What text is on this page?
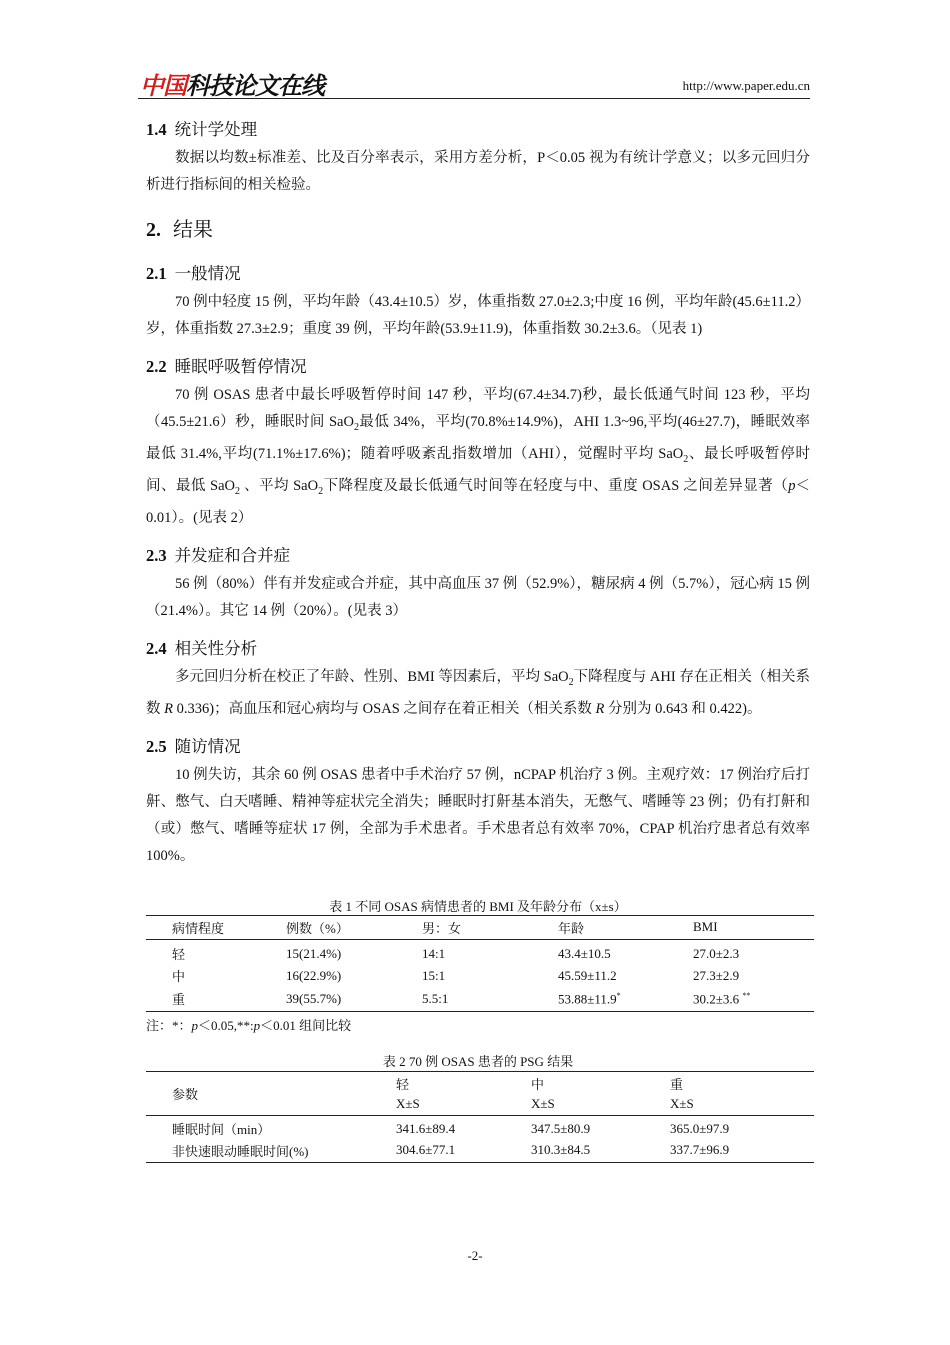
中国科技论文在线	http://www.paper.edu.cn
1.4 统计学处理

数据以均数±标准差、比及百分率表示，采用方差分析，P＜0.05 视为有统计学意义；以多元回归分析进行指标间的相关检验。

2. 结果
2.1 一般情况

70 例中轻度 15 例，平均年龄（43.4±10.5）岁，体重指数 27.0±2.3;中度 16 例，平均年龄(45.6±11.2）岁，体重指数 27.3±2.9；重度 39 例，平均年龄(53.9±11.9)，体重指数 30.2±3.6。（见表 1)

2.2 睡眠呼吸暂停情况

70 例 OSAS 患者中最长呼吸暂停时间 147 秒，平均(67.4±34.7)秒，最长低通气时间 123 秒，平均（45.5±21.6）秒，睡眠时间 SaO$_2$最低 34%，平均(70.8%±14.9%)，AHI 1.3~96,平均(46±27.7)，睡眠效率最低 31.4%,平均(71.1%±17.6%)；随着呼吸紊乱指数增加（AHI），觉醒时平均 SaO$_2$、最长呼吸暂停时间、最低 SaO$_2$ 、平均 SaO$_2$下降程度及最长低通气时间等在轻度与中、重度 OSAS 之间差异显著（p＜0.01）。(见表 2）

2.3 并发症和合并症

56 例（80%）伴有并发症或合并症，其中高血压 37 例（52.9%），糖尿病 4 例（5.7%），冠心病 15 例（21.4%）。其它 14 例（20%）。(见表 3）

2.4 相关性分析

多元回归分析在校正了年龄、性别、BMI 等因素后，平均 SaO$_2$下降程度与 AHI 存在正相关（相关系数 R 0.336)；高血压和冠心病均与 OSAS 之间存在着正相关（相关系数 R 分别为 0.643 和 0.422)。

2.5 随访情况

10 例失访，其余 60 例 OSAS 患者中手术治疗 57 例，nCPAP 机治疗 3 例。主观疗效：17 例治疗后打鼾、憋气、白天嗜睡、精神等症状完全消失；睡眠时打鼾基本消失，无憋气、嗜睡等 23 例；仍有打鼾和（或）憋气、嗜睡等症状 17 例，全部为手术患者。手术患者总有效率 70%，CPAP 机治疗患者总有效率 100%。

表 1 不同 OSAS 病情患者的 BMI 及年龄分布（x±s）
病情程度	例数（%）	男：女	年龄	BMI
轻	15(21.4%)	14:1	43.4±10.5	27.0±2.3
中	16(22.9%)	15:1	45.59±11.2	27.3±2.9
重	39(55.7%)	5.5:1	53.88±11.9*	30.2±3.6 **
注：*：p＜0.05,**:p＜0.01 组间比较
表 2 70 例 OSAS 患者的 PSG 结果
参数	轻	中	重
	X±S	X±S	X±S
睡眠时间（min）	341.6±89.4	347.5±80.9	365.0±97.9
非快速眼动睡眠时间(%)	304.6±77.1	310.3±84.5	337.7±96.9
-2-
